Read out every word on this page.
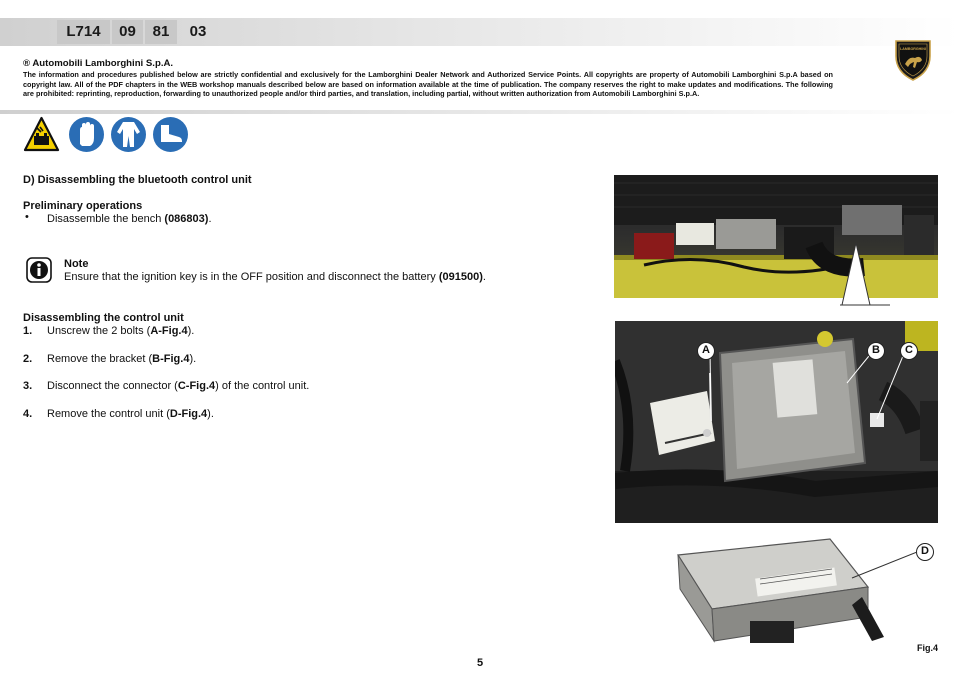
L714	09	81	03
LAMBORGHINI
® Automobili Lamborghini S.p.A.
The information and procedures published below are strictly confidential and exclusively for the Lamborghini Dealer Network and Authorized Service Points. All copyrights are property of Automobili Lamborghini S.p.A based on copyright law. All of the PDF chapters in the WEB workshop manuals described below are based on information available at the time of publication. The company reserves the right to make updates and modifications. The following are prohibited: reprinting, reproduction, forwarding to unauthorized people and/or third parties, and translation, including partial, without written authorization from Automobili Lamborghini S.p.A.
D) Disassembling the bluetooth control unit
Preliminary operations
• Disassemble the bench (086803).
Note
Ensure that the ignition key is in the OFF position and disconnect the battery (091500).
Disassembling the control unit
1. Unscrew the 2 bolts (A-Fig.4).
2. Remove the bracket (B-Fig.4).
3. Disconnect the connector (C-Fig.4) of the control unit.
4. Remove the control unit (D-Fig.4).
A	B	C
D
Fig.4
5
